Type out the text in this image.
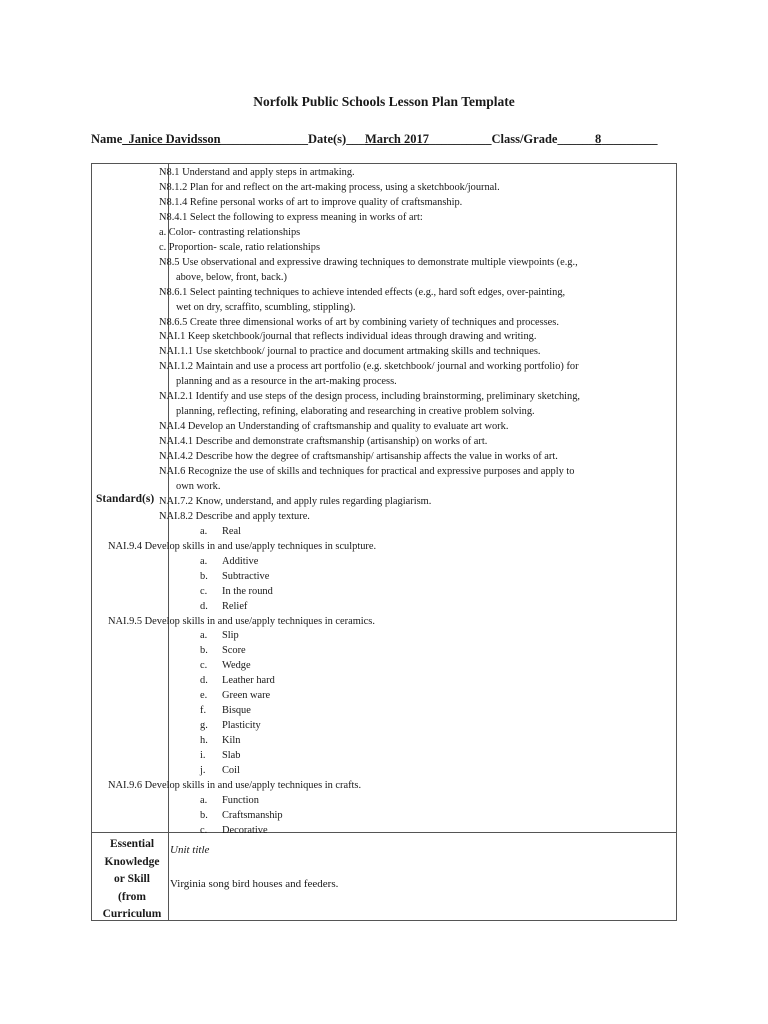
Norfolk Public Schools Lesson Plan Template
Name_Janice Davidsson______________Date(s)___March 2017__________Class/Grade______8_________
Standard(s)
N8.1 Understand and apply steps in artmaking.
N8.1.2 Plan for and reflect on the art-making process, using a sketchbook/journal.
N8.1.4 Refine personal works of art to improve quality of craftsmanship.
N8.4.1 Select the following to express meaning in works of art:
a. Color- contrasting relationships
c. Proportion- scale, ratio relationships
N8.5 Use observational and expressive drawing techniques to demonstrate multiple viewpoints (e.g.,
above, below, front, back.)
N8.6.1 Select painting techniques to achieve intended effects (e.g., hard soft edges, over-painting,
wet on dry, scraffito, scumbling, stippling).
N8.6.5 Create three dimensional works of art by combining variety of techniques and processes.
NAI.1 Keep sketchbook/journal that reflects individual ideas through drawing and writing.
NAI.1.1 Use sketchbook/ journal to practice and document artmaking skills and techniques.
NAI.1.2 Maintain and use a process art portfolio (e.g. sketchbook/ journal and working portfolio) for
planning and as a resource in the art-making process.
NAI.2.1 Identify and use steps of the design process, including brainstorming, preliminary sketching,
planning, reflecting, refining, elaborating and researching in creative problem solving.
NAI.4 Develop an Understanding of craftsmanship and quality to evaluate art work.
NAI.4.1 Describe and demonstrate craftsmanship (artisanship) on works of art.
NAI.4.2 Describe how the degree of craftsmanship/ artisanship affects the value in works of art.
NAI.6 Recognize the use of skills and techniques for practical and expressive purposes and apply to
own work.
NAI.7.2 Know, understand, and apply rules regarding plagiarism.
NAI.8.2 Describe and apply texture.
a. Real
NAI.9.4 Develop skills in and use/apply techniques in sculpture.
a. Additive
b. Subtractive
c. In the round
d. Relief
NAI.9.5 Develop skills in and use/apply techniques in ceramics.
a. Slip
b. Score
c. Wedge
d. Leather hard
e. Green ware
f. Bisque
g. Plasticity
h. Kiln
i. Slab
j. Coil
NAI.9.6 Develop skills in and use/apply techniques in crafts.
a. Function
b. Craftsmanship
c. Decorative
Essential
Knowledge
or Skill
(from
Curriculum
Unit title
Virginia song bird houses and feeders.
